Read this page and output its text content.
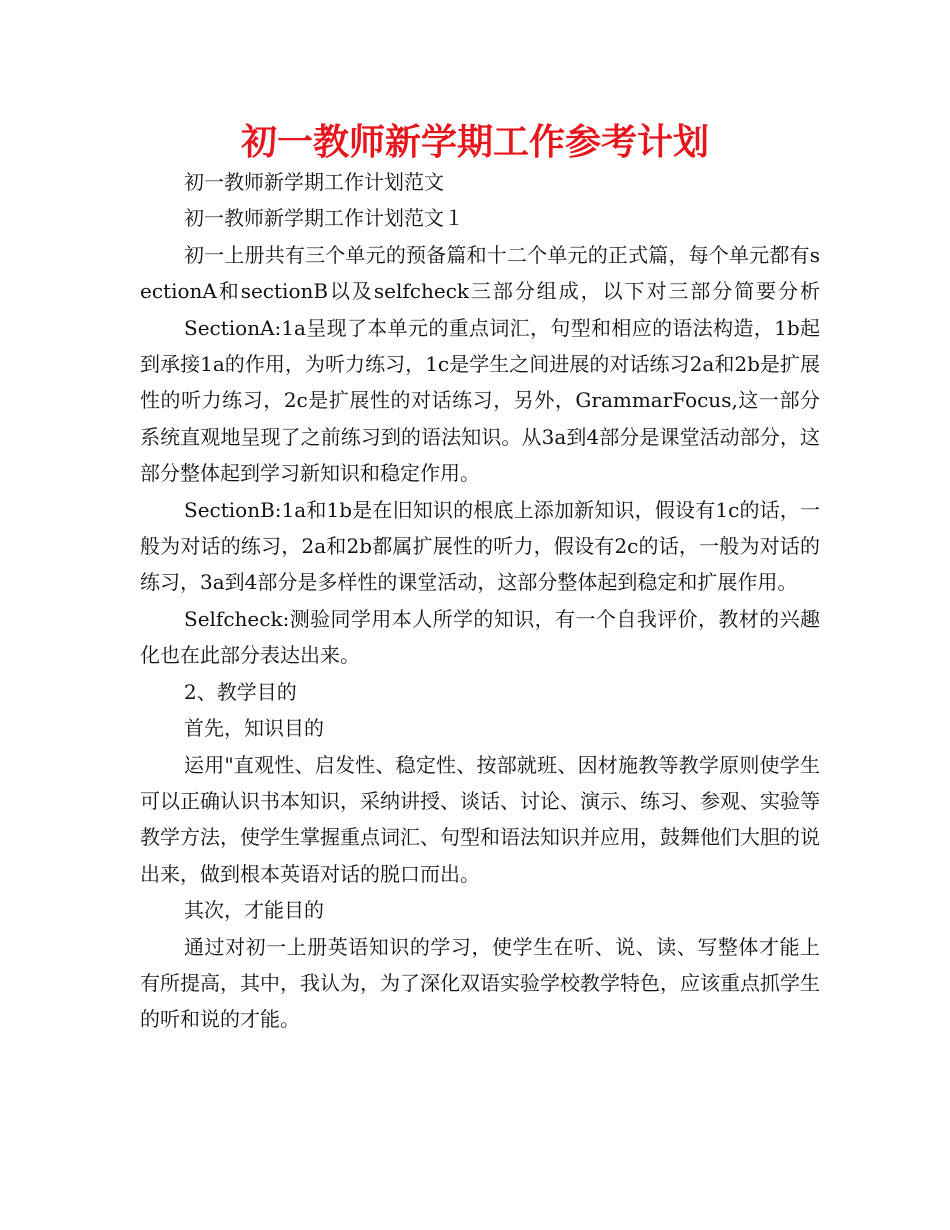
初一教师新学期工作参考计划

初一教师新学期工作计划范文

初一教师新学期工作计划范文１

初一上册共有三个单元的预备篇和十二个单元的正式篇，每个单元都有sectionA和sectionB以及selfcheck三部分组成，以下对三部分简要分析SectionA:1a呈现了本单元的重点词汇，句型和相应的语法构造，1b起到承接1a的作用，为听力练习，1c是学生之间进展的对话练习2a和2b是扩展性的听力练习，2c是扩展性的对话练习，另外，GrammarFocus,这一部分系统直观地呈现了之前练习到的语法知识。从3a到4部分是课堂活动部分，这部分整体起到学习新知识和稳定作用。

SectionB:1a和1b是在旧知识的根底上添加新知识，假设有1c的话，一般为对话的练习，2a和2b都属扩展性的听力，假设有2c的话，一般为对话的练习，3a到4部分是多样性的课堂活动，这部分整体起到稳定和扩展作用。

Selfcheck:测验同学用本人所学的知识，有一个自我评价，教材的兴趣化也在此部分表达出来。

2、教学目的

首先，知识目的

运用"直观性、启发性、稳定性、按部就班、因材施教等教学原则使学生可以正确认识书本知识，采纳讲授、谈话、讨论、演示、练习、参观、实验等教学方法，使学生掌握重点词汇、句型和语法知识并应用，鼓舞他们大胆的说出来，做到根本英语对话的脱口而出。

其次，才能目的

通过对初一上册英语知识的学习，使学生在听、说、读、写整体才能上有所提高，其中，我认为，为了深化双语实验学校教学特色，应该重点抓学生的听和说的才能。
